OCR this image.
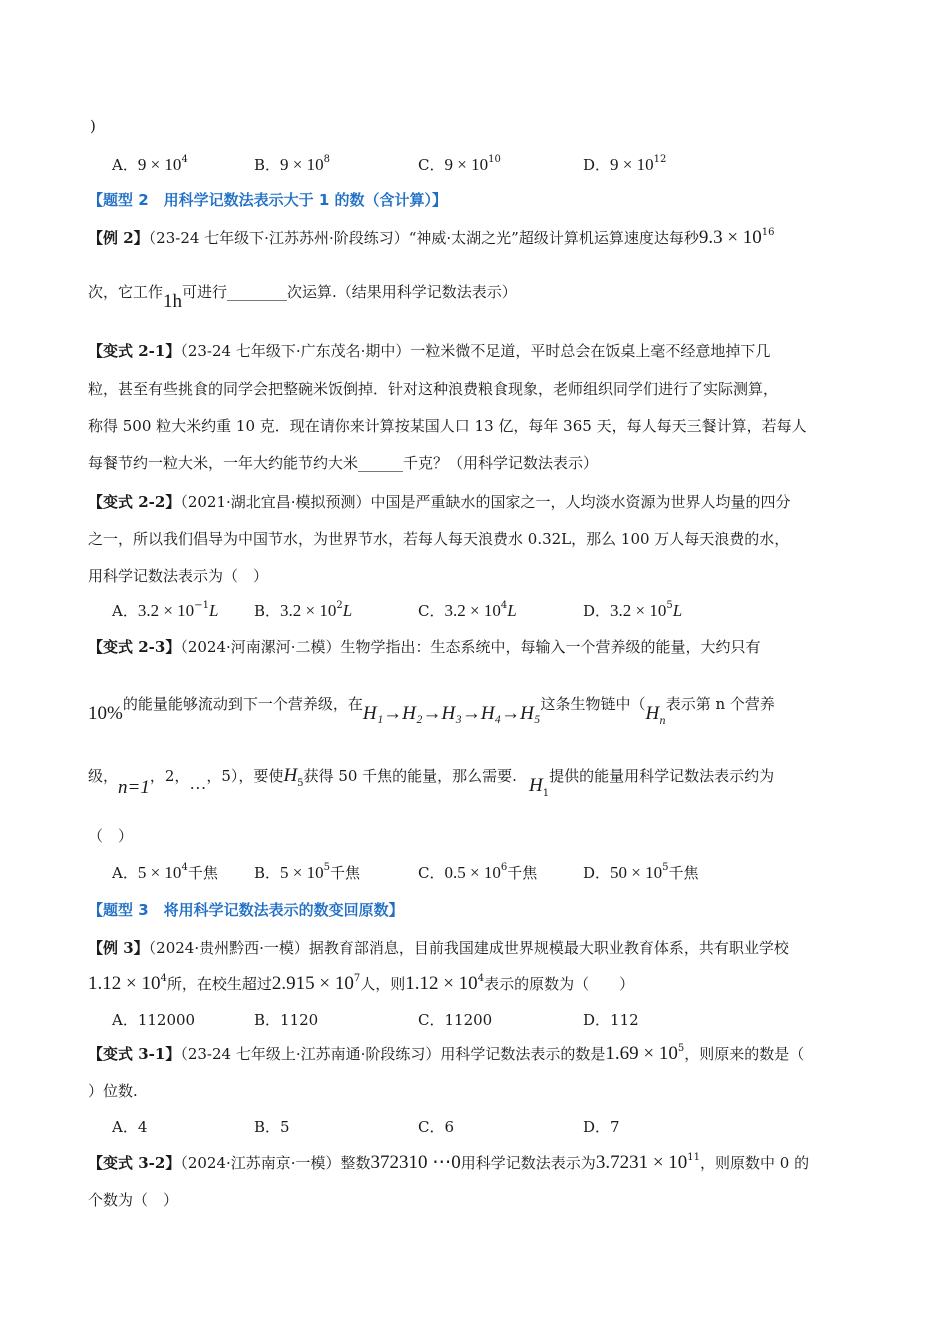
)
A．$9 \times 10^4$	B．$9 \times 10^8$	C．$9 \times 10^{10}$	D．$9 \times 10^{12}$
【题型 2　用科学记数法表示大于 1 的数（含计算）】
【例 2】（23-24 七年级下·江苏苏州·阶段练习）“神威·太湖之光”超级计算机运算速度达每秒$9.3 \times 10^{16}$
次，它工作1h可进行________次运算.（结果用科学记数法表示）
【变式 2-1】（23-24 七年级下·广东茂名·期中）一粒米微不足道，平时总会在饭桌上毫不经意地掉下几
粒，甚至有些挑食的同学会把整碗米饭倒掉．针对这种浪费粮食现象，老师组织同学们进行了实际测算，
称得 500 粒大米约重 10 克．现在请你来计算按某国人口 13 亿，每年 365 天，每人每天三餐计算，若每人
每餐节约一粒大米，一年大约能节约大米______千克？（用科学记数法表示）
【变式 2-2】（2021·湖北宜昌·模拟预测）中国是严重缺水的国家之一，人均淡水资源为世界人均量的四分
之一，所以我们倡导为中国节水，为世界节水，若每人每天浪费水 0.32L，那么 100 万人每天浪费的水，
用科学记数法表示为（　）
A．$3.2 \times 10^{-1}L$ B．$3.2 \times 10^2L$	C．$3.2 \times 10^4L$	D．$3.2 \times 10^5L$
【变式 2-3】（2024·河南漯河·二模）生物学指出：生态系统中，每输入一个营养级的能量，大约只有
10%的能量能够流动到下一个营养级，在H₁→H₂→H₃→H₄→H₅这条生物链中（$H_n$表示第 n 个营养
级，n=1，2，…，5），要使$H_5$获得 50 千焦的能量，那么需要. $H_1$提供的能量用科学记数法表示约为
（　）
A．$5 \times 10^4$千焦 B．$5 \times 10^5$千焦	C．$0.5 \times 10^6$千焦	D．$50 \times 10^5$千焦
【题型 3　将用科学记数法表示的数变回原数】
【例 3】（2024·贵州黔西·一模）据教育部消息，目前我国建成世界规模最大职业教育体系，共有职业学校
$1.12 \times 10^4$所，在校生超过$2.915 \times 10^7$人，则$1.12 \times 10^4$表示的原数为（　　）
A．112000	B．1120	C．11200	D．112
【变式 3-1】（23-24 七年级上·江苏南通·阶段练习）用科学记数法表示的数是$1.69 \times 10^5$，则原来的数是（
）位数.
A．4	B．5	C．6	D．7
【变式 3-2】（2024·江苏南京·一模）整数372310 ⋯0用科学记数法表示为$3.7231 \times 10^{11}$，则原数中 0 的
个数为（　）
